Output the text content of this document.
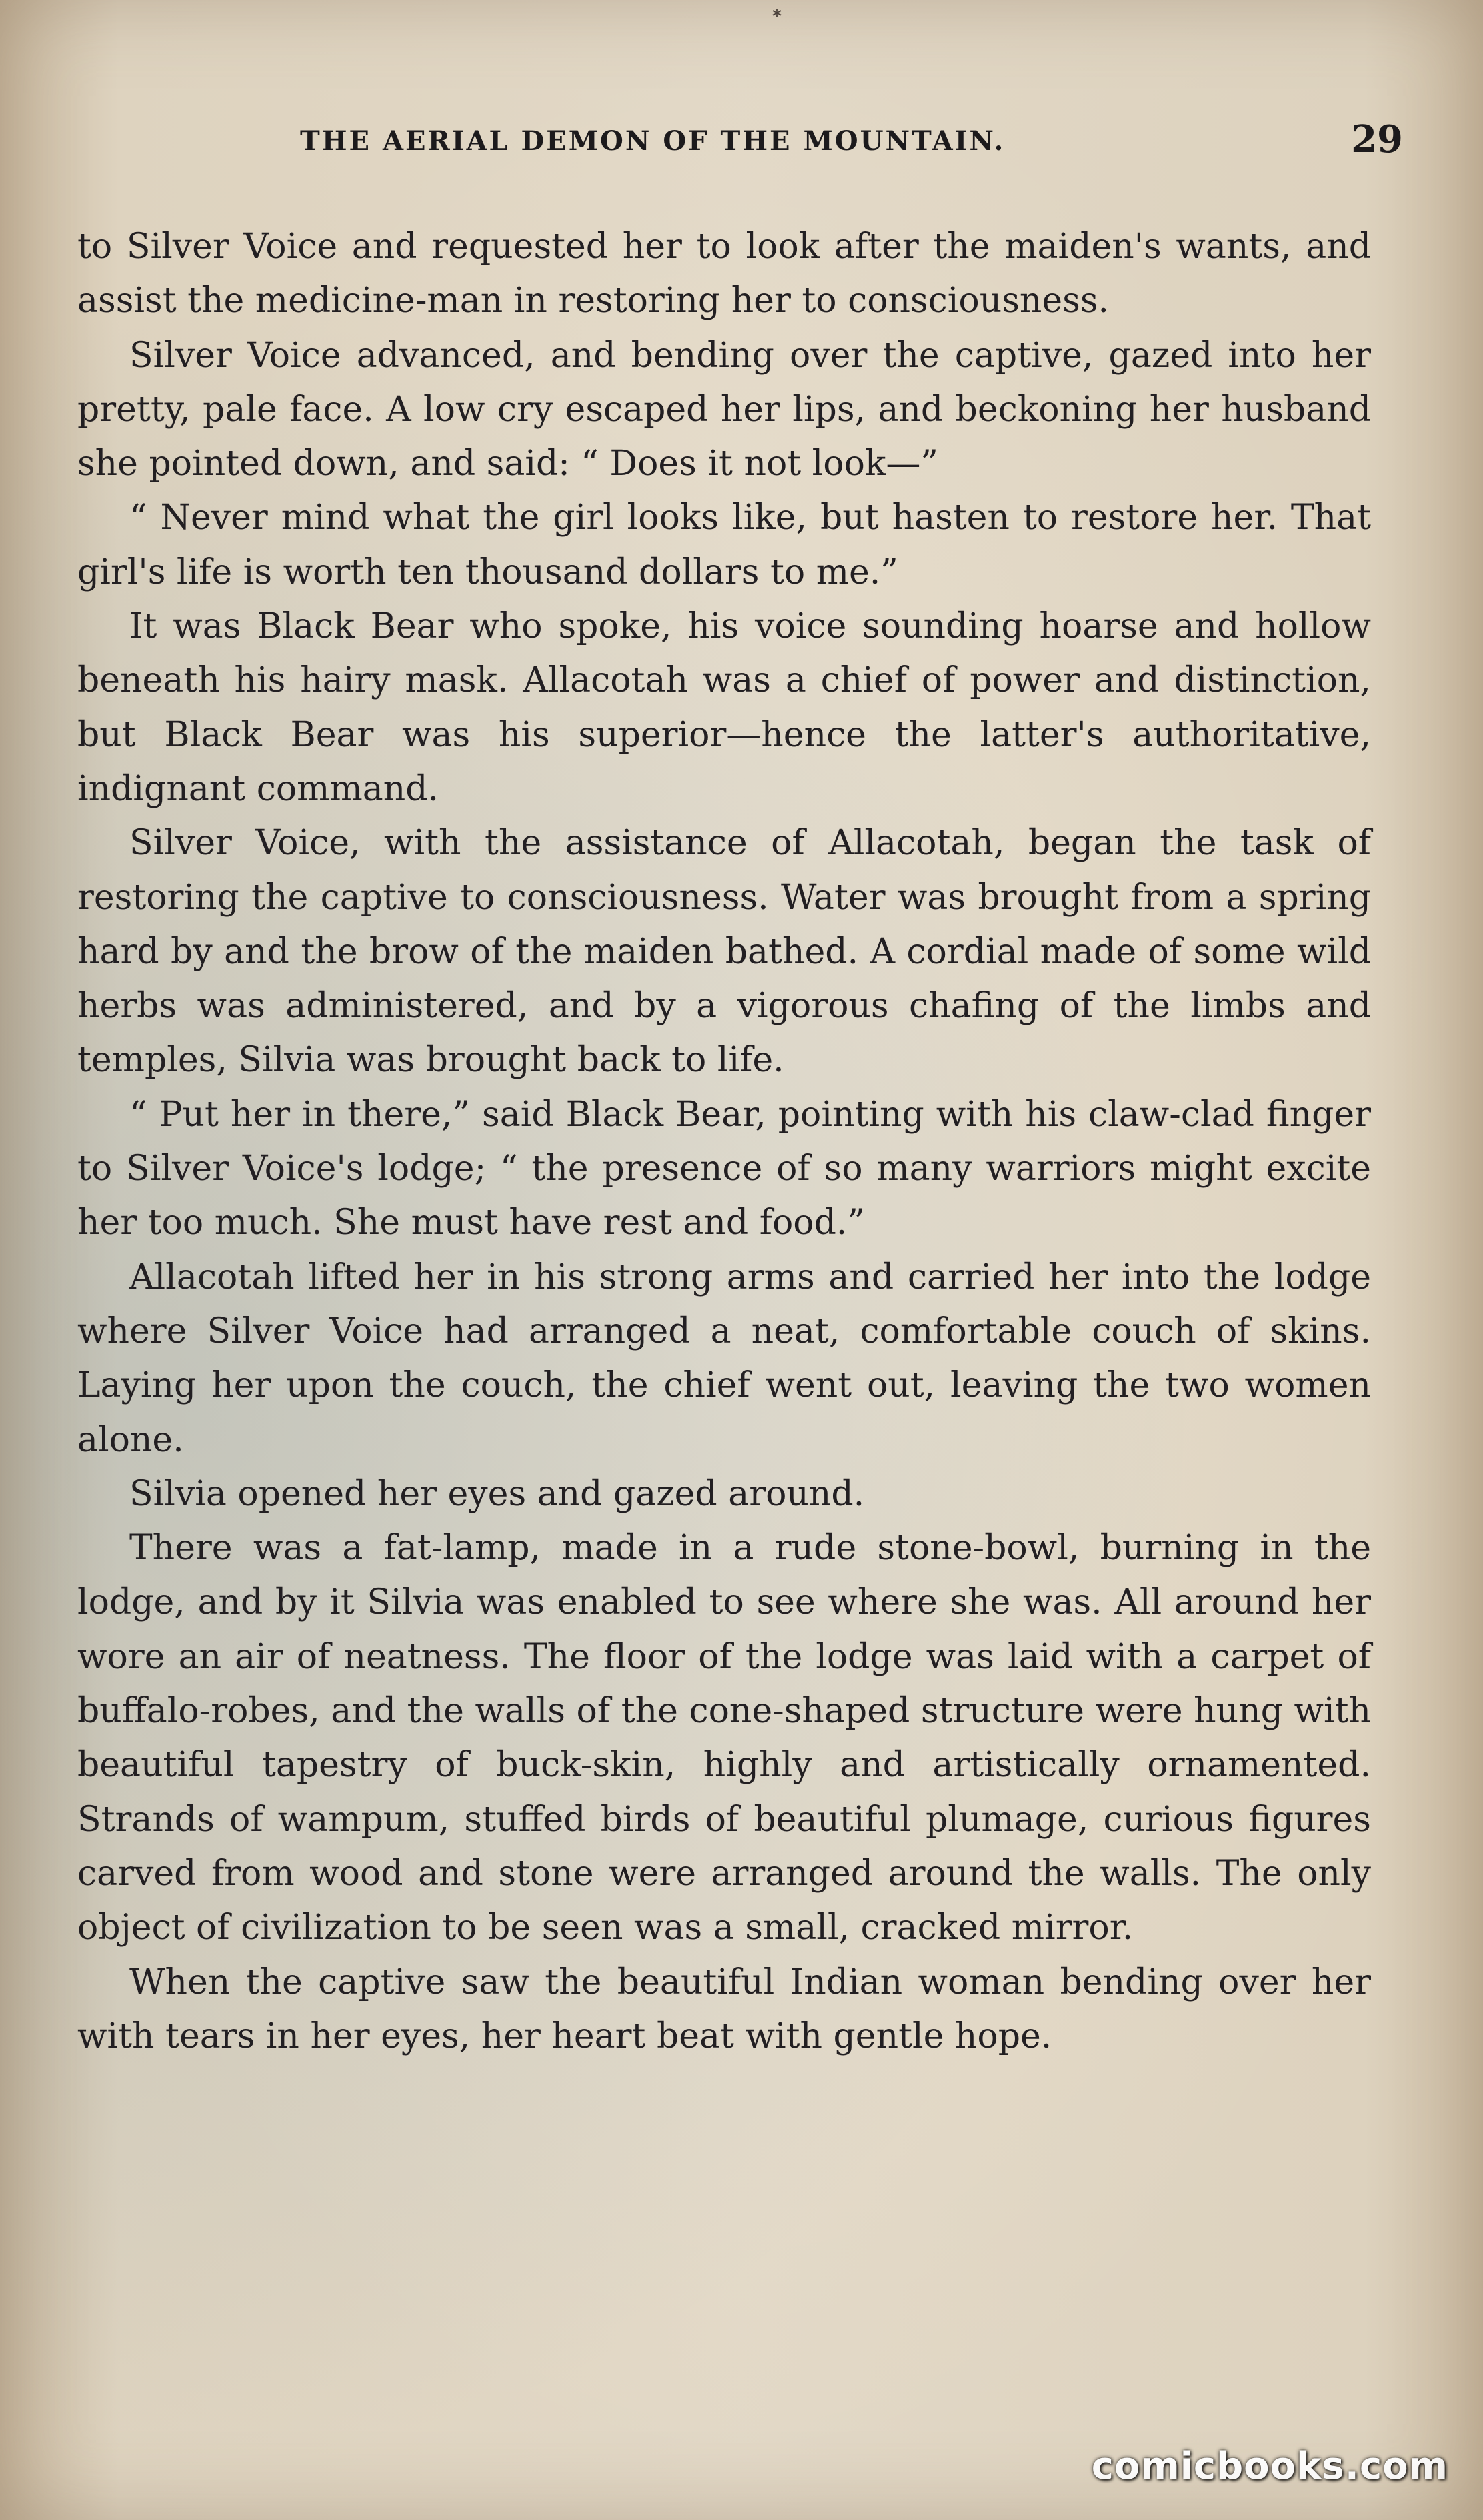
*
THE AERIAL DEMON OF THE MOUNTAIN.	29

to Silver Voice and requested her to look after the maiden's wants, and assist the medicine-man in restoring her to consciousness.

Silver Voice advanced, and bending over the captive, gazed into her pretty, pale face. A low cry escaped her lips, and beckoning her husband she pointed down, and said: “ Does it not look—”

“ Never mind what the girl looks like, but hasten to restore her. That girl's life is worth ten thousand dollars to me.”

It was Black Bear who spoke, his voice sounding hoarse and hollow beneath his hairy mask. Allacotah was a chief of power and distinction, but Black Bear was his superior—hence the latter's authoritative, indignant command.

Silver Voice, with the assistance of Allacotah, began the task of restoring the captive to consciousness. Water was brought from a spring hard by and the brow of the maiden bathed. A cordial made of some wild herbs was administered, and by a vigorous chafing of the limbs and temples, Silvia was brought back to life.

“ Put her in there,” said Black Bear, pointing with his claw-clad finger to Silver Voice's lodge; “ the presence of so many warriors might excite her too much. She must have rest and food.”

Allacotah lifted her in his strong arms and carried her into the lodge where Silver Voice had arranged a neat, comfortable couch of skins. Laying her upon the couch, the chief went out, leaving the two women alone.

Silvia opened her eyes and gazed around.

There was a fat-lamp, made in a rude stone-bowl, burning in the lodge, and by it Silvia was enabled to see where she was. All around her wore an air of neatness. The floor of the lodge was laid with a carpet of buffalo-robes, and the walls of the cone-shaped structure were hung with beautiful tapestry of buck-skin, highly and artistically ornamented. Strands of wampum, stuffed birds of beautiful plumage, curious figures carved from wood and stone were arranged around the walls. The only object of civilization to be seen was a small, cracked mirror.

When the captive saw the beautiful Indian woman bending over her with tears in her eyes, her heart beat with gentle hope.

comicbooks.com
